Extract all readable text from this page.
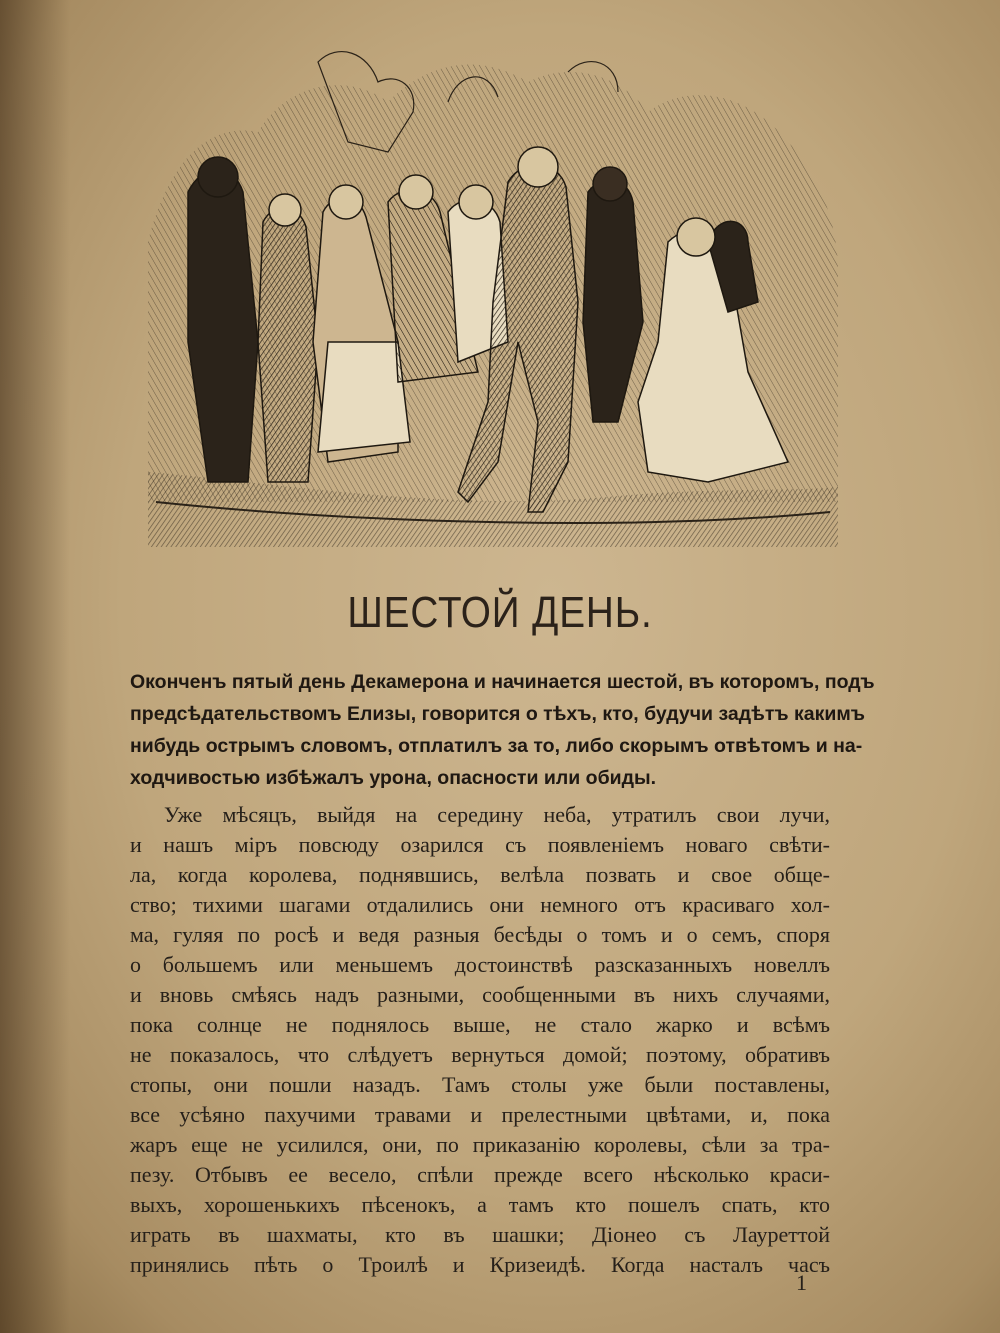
ШЕСТОЙ ДЕНЬ.
Оконченъ пятый день Декамерона и начинается шестой, въ которомъ, подъ
предсѣдательствомъ Елизы, говорится о тѣхъ, кто, будучи задѣтъ какимъ
нибудь острымъ словомъ, отплатилъ за то, либо скорымъ отвѣтомъ и на-
ходчивостью избѣжалъ урона, опасности или обиды.
Уже мѣсяцъ, выйдя на середину неба, утратилъ свои лучи,
и нашъ міръ повсюду озарился съ появленіемъ новаго свѣти-
ла, когда королева, поднявшись, велѣла позвать и свое обще-
ство; тихими шагами отдалились они немного отъ красиваго хол-
ма, гуляя по росѣ и ведя разныя бесѣды о томъ и о семъ, споря
о большемъ или меньшемъ достоинствѣ разсказанныхъ новеллъ
и вновь смѣясь надъ разными, сообщенными въ нихъ случаями,
пока солнце не поднялось выше, не стало жарко и всѣмъ
не показалось, что слѣдуетъ вернуться домой; поэтому, обративъ
стопы, они пошли назадъ. Тамъ столы уже были поставлены,
все усѣяно пахучими травами и прелестными цвѣтами, и, пока
жаръ еще не усилился, они, по приказанію королевы, сѣли за тра-
пезу. Отбывъ ее весело, спѣли прежде всего нѣсколько краси-
выхъ, хорошенькихъ пѣсенокъ, а тамъ кто пошелъ спать, кто
играть въ шахматы, кто въ шашки; Діонео съ Лауреттой
принялись пѣть о Троилѣ и Кризеидѣ. Когда насталъ часъ
1
